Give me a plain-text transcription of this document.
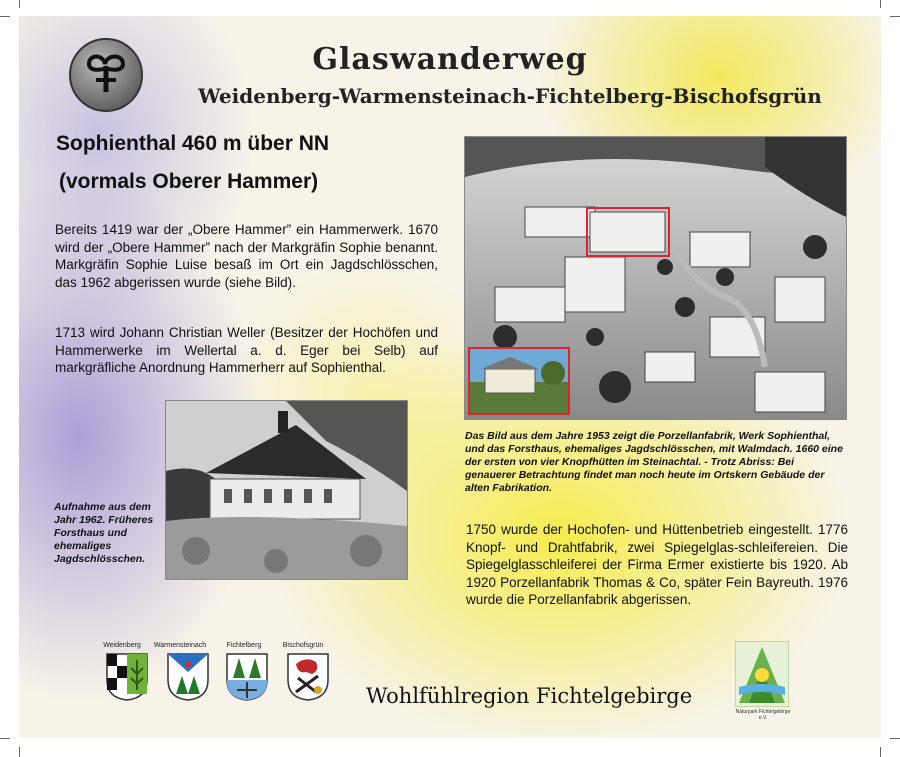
Glaswanderweg
Weidenberg-Warmensteinach-Fichtelberg-Bischofsgrün
Sophienthal 460 m über NN
(vormals Oberer Hammer)
Bereits 1419 war der „Obere Hammer” ein Hammerwerk. 1670 wird der „Obere Hammer” nach der Markgräfin Sophie benannt. Markgräfin Sophie Luise besaß im Ort ein Jagdschlösschen, das 1962 abgerissen wurde (siehe Bild).
1713 wird Johann Christian Weller (Besitzer der Hochöfen und Hammerwerke im Wellertal a. d. Eger bei Selb) auf markgräfliche Anordnung Hammerherr auf Sophienthal.
Das Bild aus dem Jahre 1953 zeigt die Porzellanfabrik, Werk Sophienthal, und das Forsthaus, ehemaliges Jagdschlösschen, mit Walmdach. 1660 eine der ersten von vier Knopfhütten im Steinachtal. - Trotz Abriss: Bei genauerer Betrachtung findet man noch heute im Ortskern Gebäude der alten Fabrikation.
Aufnahme aus dem Jahr 1962. Früheres Forsthaus und ehemaliges Jagdschlösschen.
1750 wurde der Hochofen- und Hüttenbetrieb eingestellt. 1776 Knopf- und Drahtfabrik, zwei Spiegelglas-schleifereien. Die Spiegelglasschleiferei der Firma Ermer existierte bis 1920. Ab 1920 Porzellanfabrik Thomas & Co, später Fein Bayreuth. 1976 wurde die Porzellanfabrik abgerissen.
Weidenberg	Warmensteinach	Fichtelberg	Bischofsgrün
Wohlfühlregion Fichtelgebirge
Naturpark Fichtelgebirge e.V.
